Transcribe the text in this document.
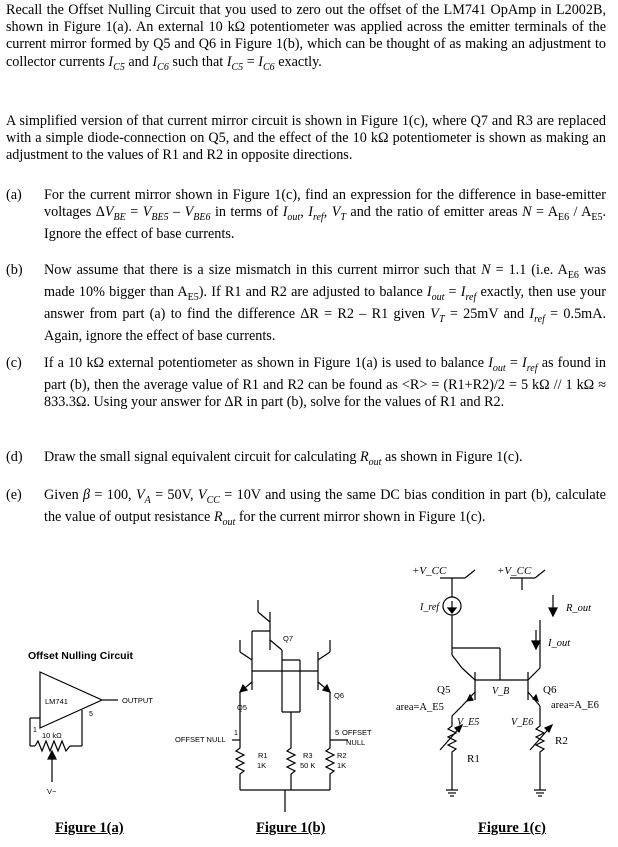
Recall the Offset Nulling Circuit that you used to zero out the offset of the LM741 OpAmp in L2002B, shown in Figure 1(a). An external 10 kΩ potentiometer was applied across the emitter terminals of the current mirror formed by Q5 and Q6 in Figure 1(b), which can be thought of as making an adjustment to collector currents $I_{C5}$ and $I_{C6}$ such that $I_{C5} = I_{C6}$ exactly.

A simplified version of that current mirror circuit is shown in Figure 1(c), where Q7 and R3 are replaced with a simple diode-connection on Q5, and the effect of the 10 kΩ potentiometer is shown as making an adjustment to the values of R1 and R2 in opposite directions.

(a) For the current mirror shown in Figure 1(c), find an expression for the difference in base-emitter voltages $\Delta V_{BE} = V_{BE5} - V_{BE6}$ in terms of $I_{out}$, $I_{ref}$, $V_T$ and the ratio of emitter areas $N = A_{E6} / A_{E5}$. Ignore the effect of base currents.
(b) Now assume that there is a size mismatch in this current mirror such that N = 1.1 (i.e. $A_{E6}$ was made 10% bigger than $A_{E5}$). If R1 and R2 are adjusted to balance $I_{out} = I_{ref}$ exactly, then use your answer from part (a) to find the difference ΔR = R2 – R1 given $V_T = 25mV$ and $I_{ref} = 0.5mA$. Again, ignore the effect of base currents.
(c) If a 10 kΩ external potentiometer as shown in Figure 1(a) is used to balance $I_{out} = I_{ref}$ as found in part (b), then the average value of R1 and R2 can be found as <R> = (R1+R2)/2 = 5 kΩ // 1 kΩ ≈ 833.3Ω. Using your answer for ΔR in part (b), solve for the values of R1 and R2.
(d) Draw the small signal equivalent circuit for calculating $R_{out}$ as shown in Figure 1(c).
(e) Given β = 100, $V_A = 50V$, $V_{CC} = 10V$ and using the same DC bias condition in part (b), calculate the value of output resistance $R_{out}$ for the current mirror shown in Figure 1(c).
Offset Nulling Circuit
LM741	OUTPUT
5
1
10 kΩ
V−
Q7
Q5
Q6
OFFSET NULL
1	5 OFFSET
NULL
R1
1K
R3
50 K
R2
1K
+V_CC	+V_CC
I_ref	R_out
I_out
Q5	Q6
V_B
area=A_E5	area=A_E6
V_E5	V_E6
R1
R2
Figure 1(a)	Figure 1(b)	Figure 1(c)
